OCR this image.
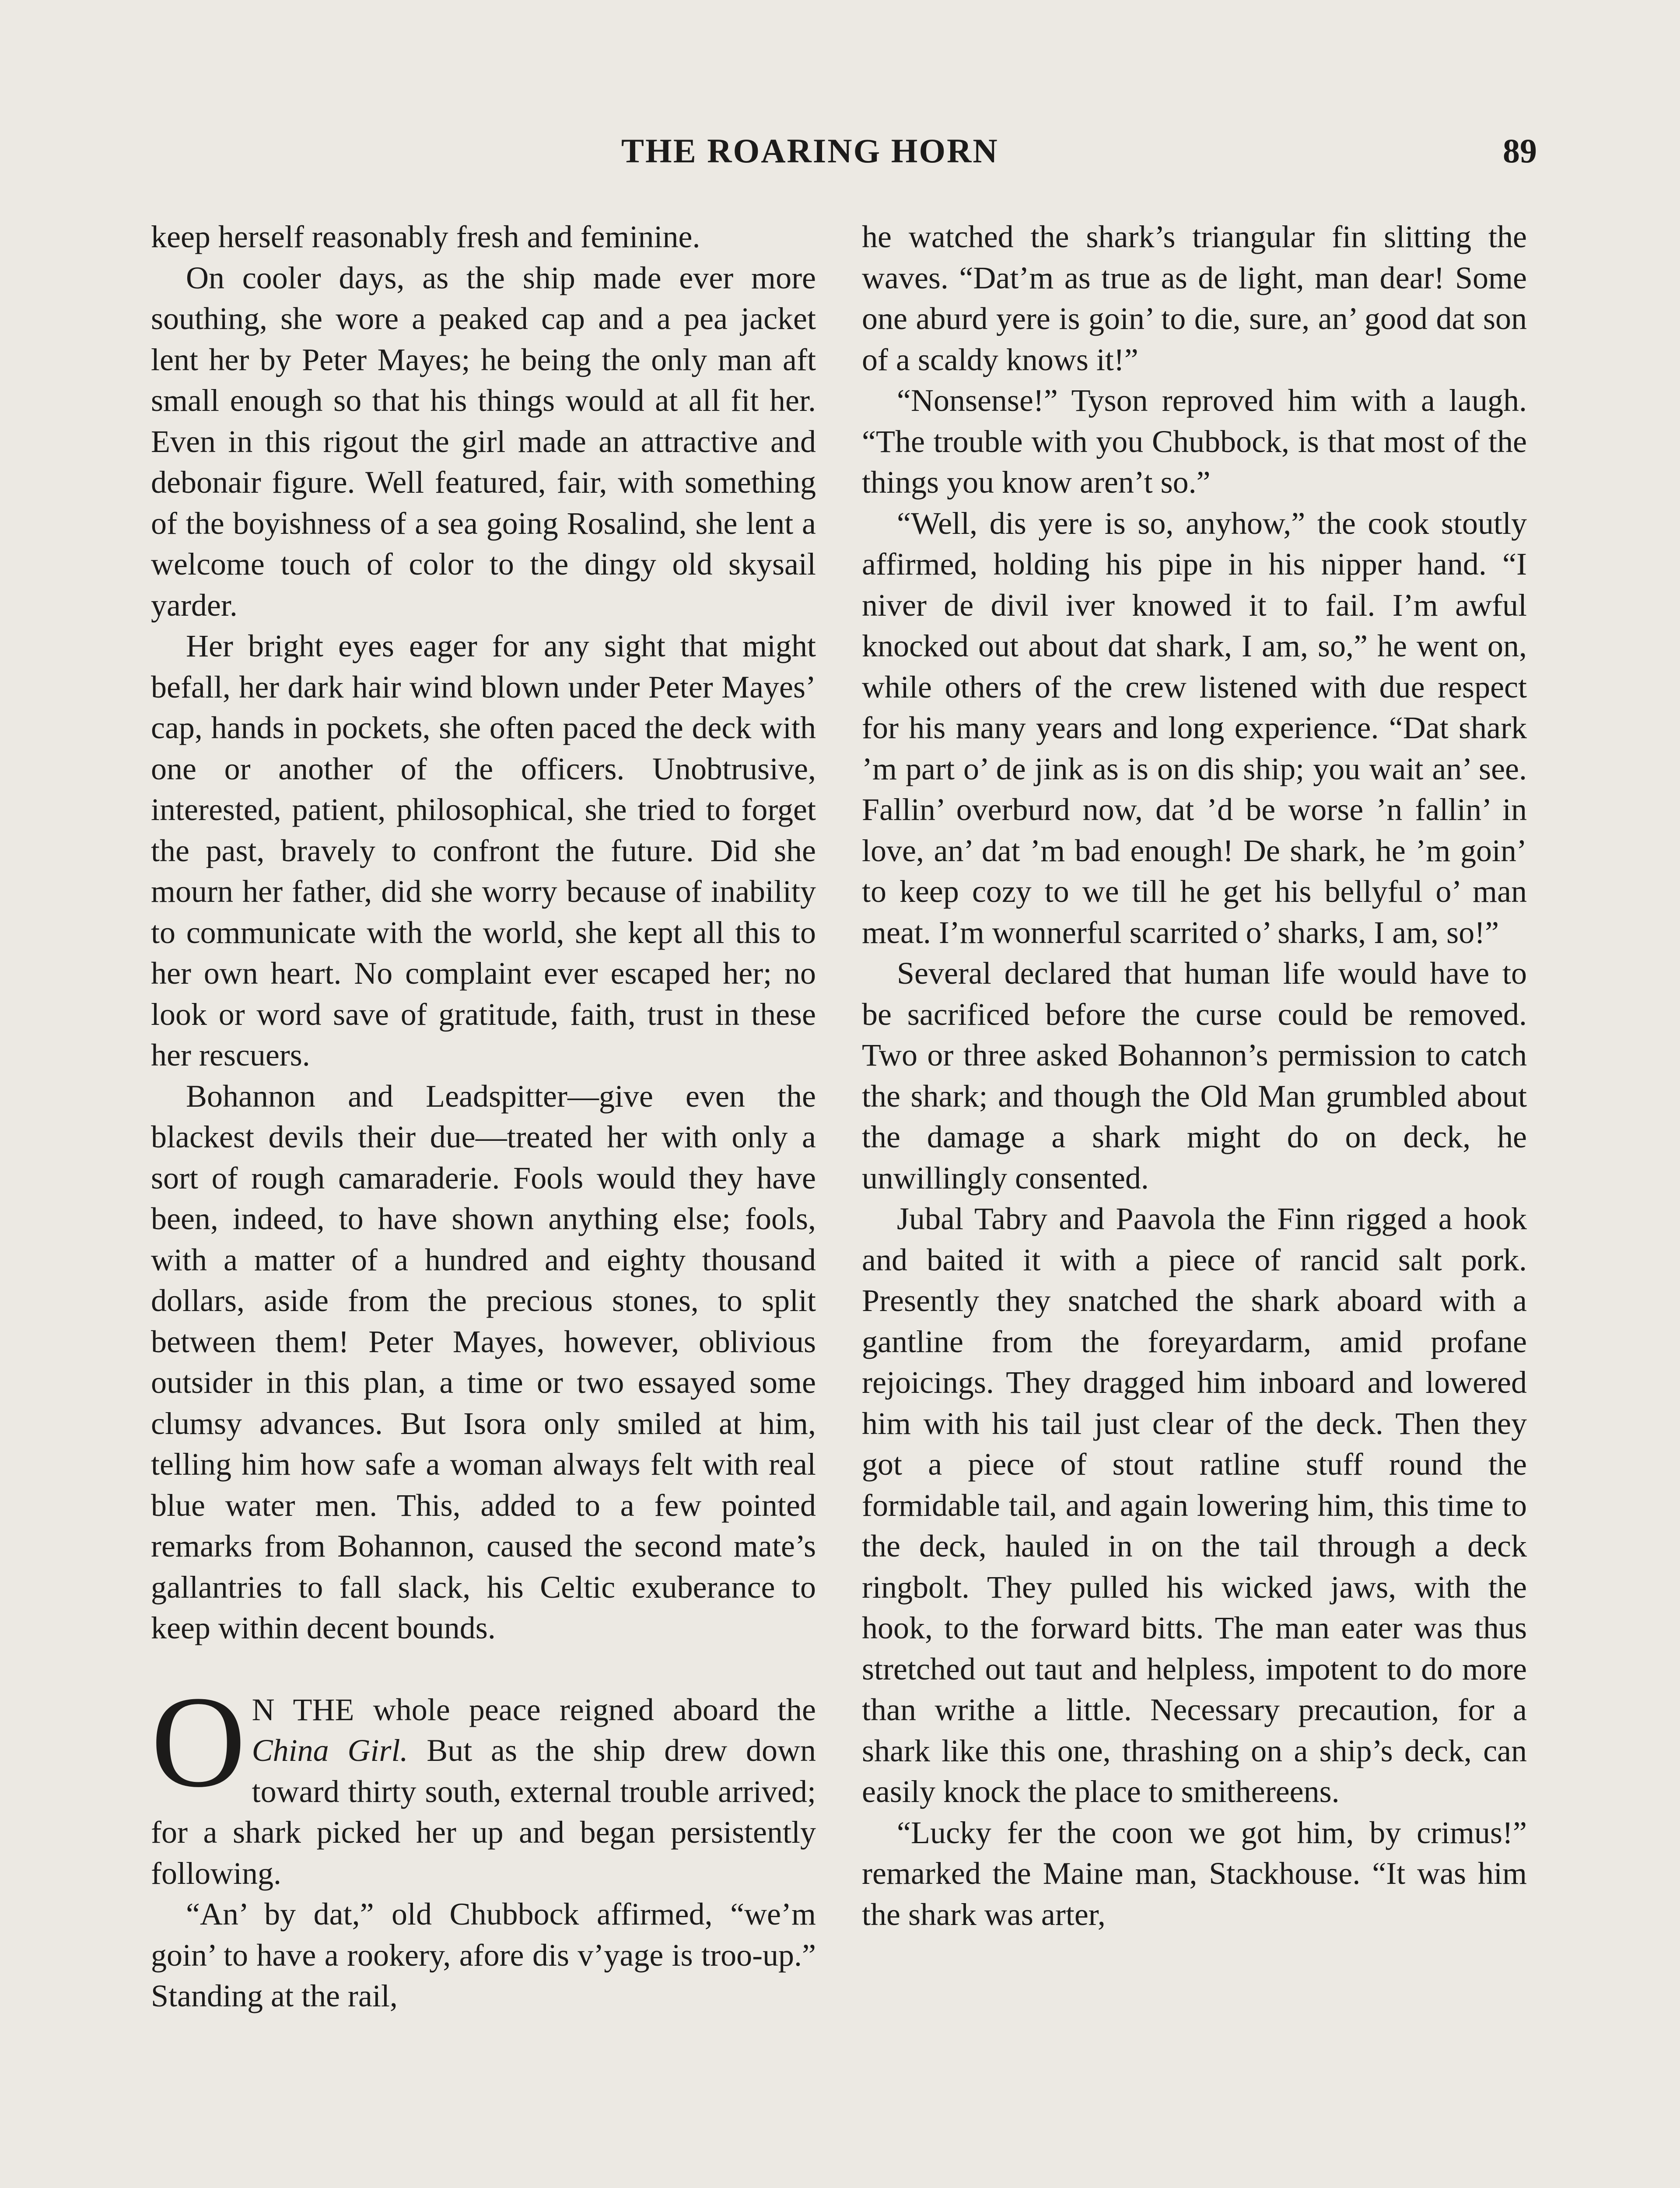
THE ROARING HORN	89

keep herself reasonably fresh and feminine.

On cooler days, as the ship made ever more southing, she wore a peaked cap and a pea jacket lent her by Peter Mayes; he being the only man aft small enough so that his things would at all fit her. Even in this rigout the girl made an attractive and debonair figure. Well featured, fair, with something of the boyishness of a sea going Rosalind, she lent a welcome touch of color to the dingy old skysail yarder.

Her bright eyes eager for any sight that might befall, her dark hair wind blown under Peter Mayes’ cap, hands in pockets, she often paced the deck with one or another of the officers. Unobtrusive, interested, patient, philosophical, she tried to forget the past, bravely to confront the future. Did she mourn her father, did she worry because of inability to communicate with the world, she kept all this to her own heart. No complaint ever escaped her; no look or word save of gratitude, faith, trust in these her rescuers.

Bohannon and Leadspitter—give even the blackest devils their due—treated her with only a sort of rough camaraderie. Fools would they have been, indeed, to have shown anything else; fools, with a matter of a hundred and eighty thousand dollars, aside from the precious stones, to split between them! Peter Mayes, however, oblivious outsider in this plan, a time or two essayed some clumsy advances. But Isora only smiled at him, telling him how safe a woman always felt with real blue water men. This, added to a few pointed remarks from Bohannon, caused the second mate’s gallantries to fall slack, his Celtic exuberance to keep within decent bounds.

O N THE whole peace reigned aboard the China Girl. But as the ship drew down toward thirty south, external trouble arrived; for a shark picked her up and began persistently following.

“An’ by dat,” old Chubbock affirmed, “we’m goin’ to have a rookery, afore dis v’yage is troo-up.” Standing at the rail,

he watched the shark’s triangular fin slitting the waves. “Dat’m as true as de light, man dear! Some one aburd yere is goin’ to die, sure, an’ good dat son of a scaldy knows it!”

“Nonsense!” Tyson reproved him with a laugh. “The trouble with you Chubbock, is that most of the things you know aren’t so.”

“Well, dis yere is so, anyhow,” the cook stoutly affirmed, holding his pipe in his nipper hand. “I niver de divil iver knowed it to fail. I’m awful knocked out about dat shark, I am, so,” he went on, while others of the crew listened with due respect for his many years and long experience. “Dat shark ’m part o’ de jink as is on dis ship; you wait an’ see. Fallin’ overburd now, dat ’d be worse ’n fallin’ in love, an’ dat ’m bad enough! De shark, he ’m goin’ to keep cozy to we till he get his bellyful o’ man meat. I’m wonnerful scarrited o’ sharks, I am, so!”

Several declared that human life would have to be sacrificed before the curse could be removed. Two or three asked Bohannon’s permission to catch the shark; and though the Old Man grumbled about the damage a shark might do on deck, he unwillingly consented.

Jubal Tabry and Paavola the Finn rigged a hook and baited it with a piece of rancid salt pork. Presently they snatched the shark aboard with a gantline from the foreyardarm, amid profane rejoicings. They dragged him inboard and lowered him with his tail just clear of the deck. Then they got a piece of stout ratline stuff round the formidable tail, and again lowering him, this time to the deck, hauled in on the tail through a deck ringbolt. They pulled his wicked jaws, with the hook, to the forward bitts. The man eater was thus stretched out taut and helpless, impotent to do more than writhe a little. Necessary precaution, for a shark like this one, thrashing on a ship’s deck, can easily knock the place to smithereens.

“Lucky fer the coon we got him, by crimus!” remarked the Maine man, Stackhouse. “It was him the shark was arter,
